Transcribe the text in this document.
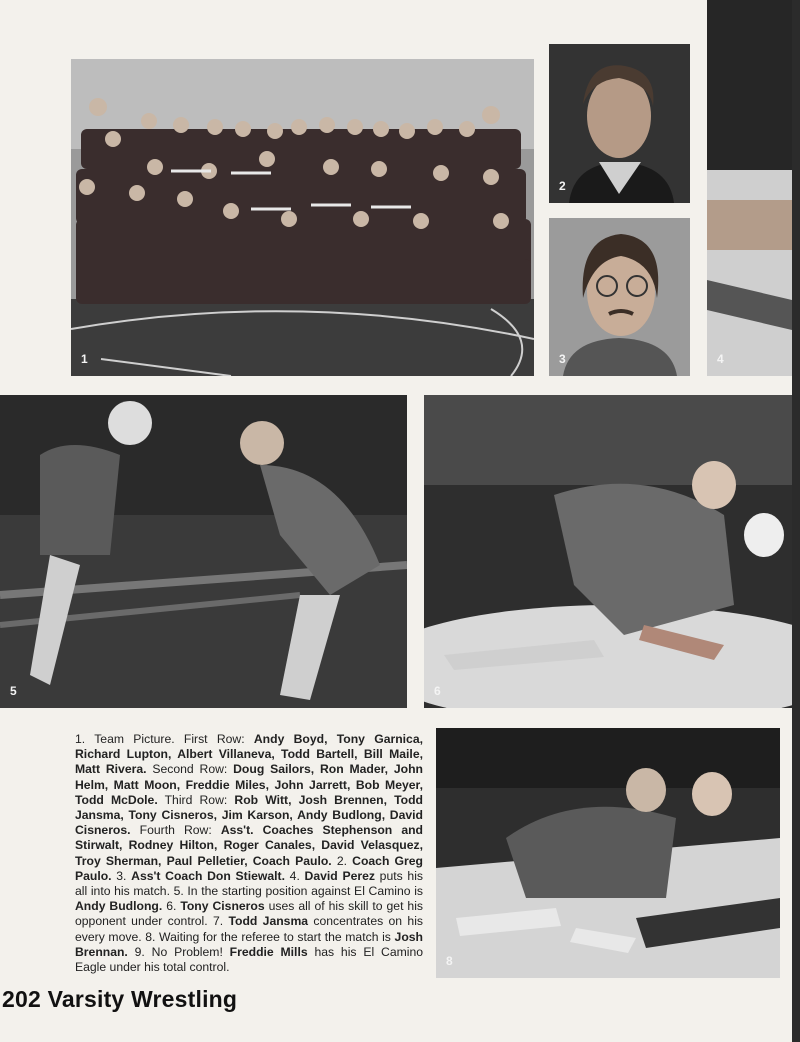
1
2
3	4
5	6
8
1. Team Picture. First Row: Andy Boyd, Tony Garnica, Richard Lupton, Albert Villaneva, Todd Bartell, Bill Maile, Matt Rivera. Second Row: Doug Sailors, Ron Mader, John Helm, Matt Moon, Freddie Miles, John Jarrett, Bob Meyer, Todd McDole. Third Row: Rob Witt, Josh Brennen, Todd Jansma, Tony Cisneros, Jim Karson, Andy Budlong, David Cisneros. Fourth Row: Ass't. Coaches Stephenson and Stirwalt, Rodney Hilton, Roger Canales, David Velasquez, Troy Sherman, Paul Pelletier, Coach Paulo. 2. Coach Greg Paulo. 3. Ass't Coach Don Stiewalt. 4. David Perez puts his all into his match. 5. In the starting position against El Camino is Andy Budlong. 6. Tony Cisneros uses all of his skill to get his opponent under control. 7. Todd Jansma concentrates on his every move. 8. Waiting for the referee to start the match is Josh Brennan. 9. No Problem! Freddie Mills has his El Camino Eagle under his total control.
202 Varsity Wrestling
